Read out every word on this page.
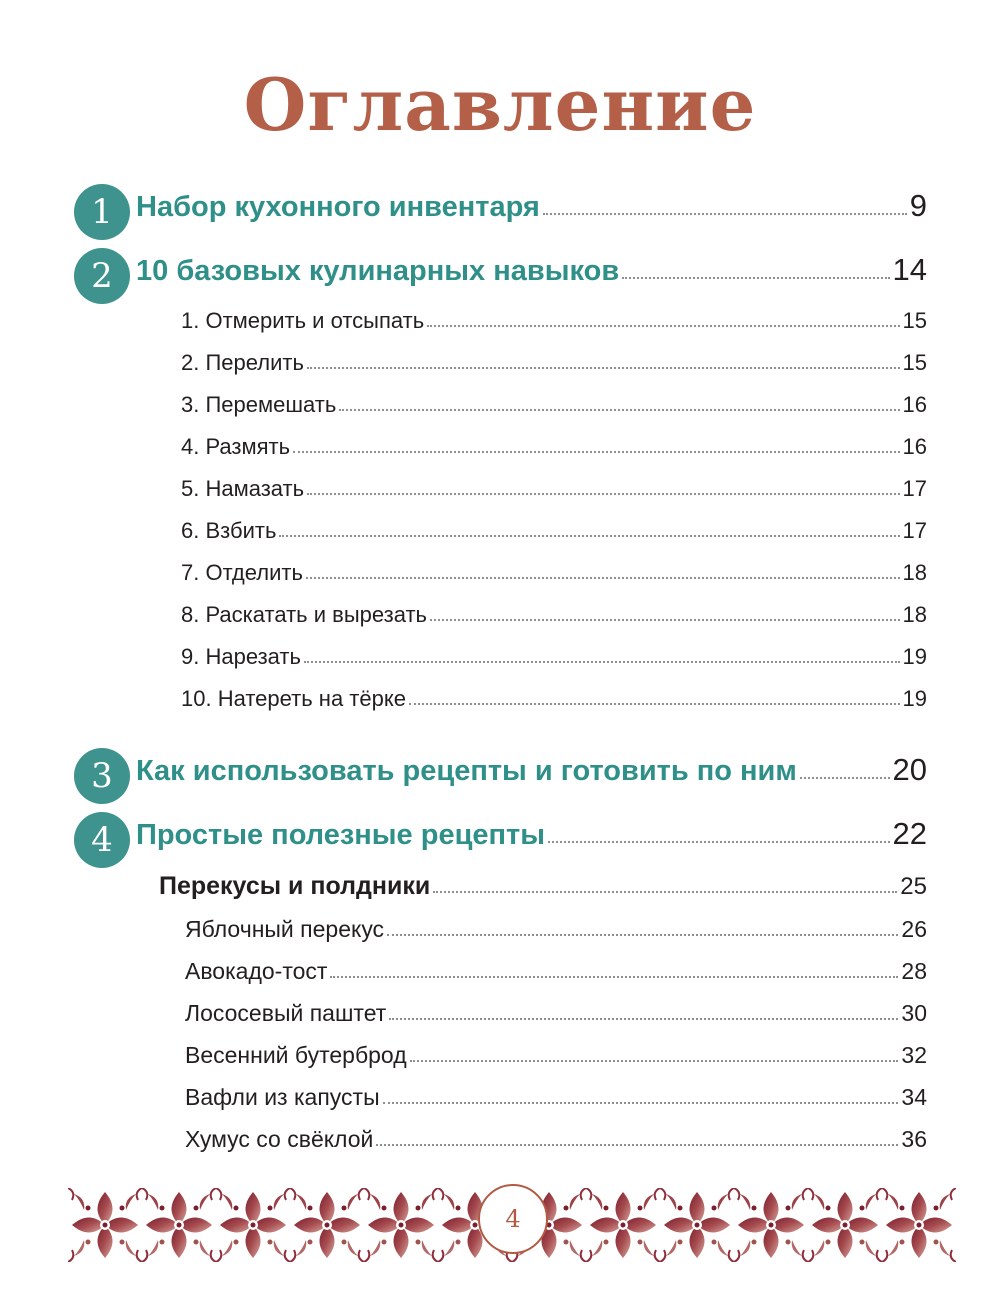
Оглавление
1 Набор кухонного инвентаря	9
2 10 базовых кулинарных навыков	14
1. Отмерить и отсыпать	15
2. Перелить	15
3. Перемешать	16
4. Размять	16
5. Намазать	17
6. Взбить	17
7. Отделить	18
8. Раскатать и вырезать	18
9. Нарезать	19
10. Натереть на тёрке	19
3 Как использовать рецепты и готовить по ним	20
4 Простые полезные рецепты	22
Перекусы и полдники	25
Яблочный перекус	26
Авокадо-тост	28
Лососевый паштет	30
Весенний бутерброд	32
Вафли из капусты	34
Хумус со свёклой	36
4
